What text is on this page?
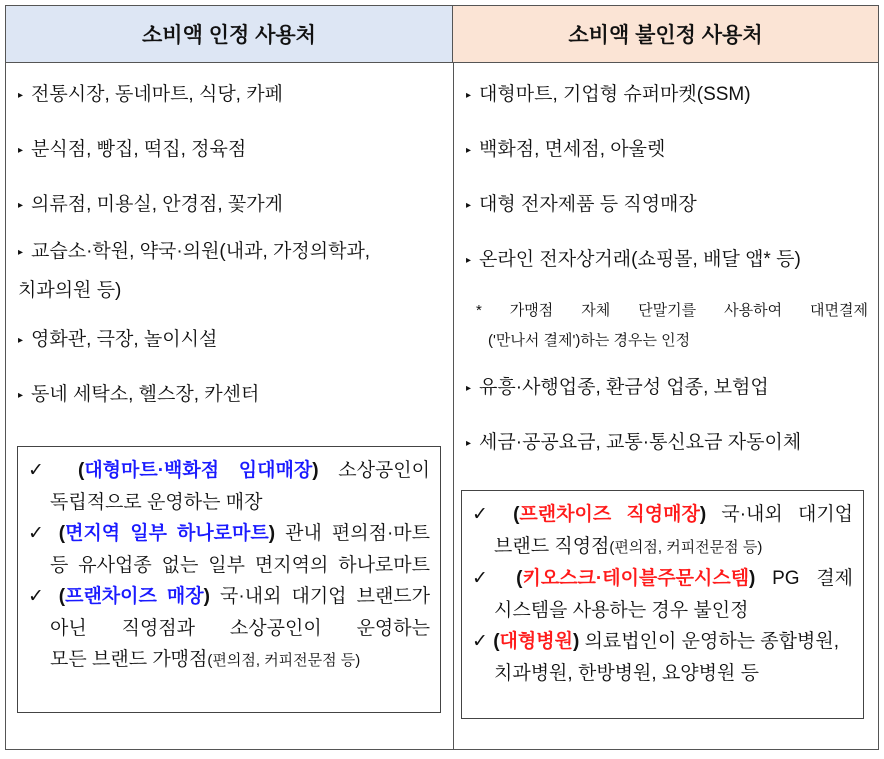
소비액 인정 사용처	소비액 불인정 사용처
▸ 전통시장, 동네마트, 식당, 카페
▸ 분식점, 빵집, 떡집, 정육점
▸ 의류점, 미용실, 안경점, 꽃가게
▸ 교습소·학원, 약국·의원(내과, 가정의학과,
치과의원 등)
▸ 영화관, 극장, 놀이시설
▸ 동네 세탁소, 헬스장, 카센터
✓ (대형마트·백화점 임대매장) 소상공인이
독립적으로 운영하는 매장
✓ (면지역 일부 하나로마트) 관내 편의점·마트
등 유사업종 없는 일부 면지역의 하나로마트
✓ (프랜차이즈 매장) 국·내외 대기업 브랜드가
아닌 직영점과 소상공인이 운영하는
모든 브랜드 가맹점(편의점, 커피전문점 등)
▸ 대형마트, 기업형 슈퍼마켓(SSM)
▸ 백화점, 면세점, 아울렛
▸ 대형 전자제품 등 직영매장
▸ 온라인 전자상거래(쇼핑몰, 배달 앱* 등)
* 가맹점 자체 단말기를 사용하여 대면결제
('만나서 결제')하는 경우는 인정
▸ 유흥·사행업종, 환금성 업종, 보험업
▸ 세금·공공요금, 교통·통신요금 자동이체
✓ (프랜차이즈 직영매장) 국·내외 대기업
브랜드 직영점(편의점, 커피전문점 등)
✓ (키오스크·테이블주문시스템) PG 결제
시스템을 사용하는 경우 불인정
✓ (대형병원) 의료법인이 운영하는 종합병원,
치과병원, 한방병원, 요양병원 등
